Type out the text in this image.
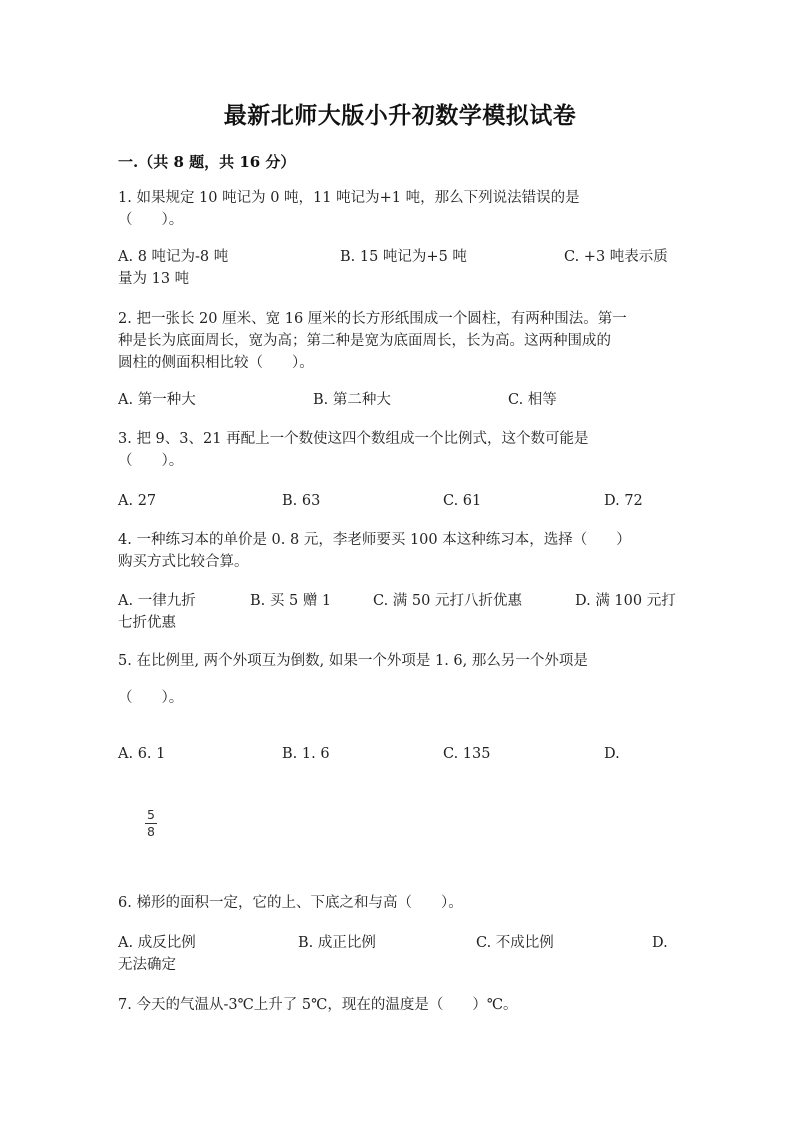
最新北师大版小升初数学模拟试卷
一.（共 8 题，共 16 分）
1. 如果规定 10 吨记为 0 吨，11 吨记为+1 吨，那么下列说法错误的是
（　　）。
A. 8 吨记为-8 吨	B. 15 吨记为+5 吨	C. +3 吨表示质
量为 13 吨
2. 把一张长 20 厘米、宽 16 厘米的长方形纸围成一个圆柱，有两种围法。第一
种是长为底面周长，宽为高；第二种是宽为底面周长，长为高。这两种围成的
圆柱的侧面积相比较（　　）。
A. 第一种大	B. 第二种大	C. 相等
3. 把 9、3、21 再配上一个数使这四个数组成一个比例式，这个数可能是
（　　）。
A. 27	B. 63	C. 61	D. 72
4. 一种练习本的单价是 0. 8 元，李老师要买 100 本这种练习本，选择（　　）
购买方式比较合算。
A. 一律九折	B. 买 5 赠 1	C. 满 50 元打八折优惠	D. 满 100 元打
七折优惠
5. 在比例里, 两个外项互为倒数, 如果一个外项是 1. 6, 那么另一个外项是
（　　）。
A. 6. 1	B. 1. 6	C. 135	D.
5
8
6. 梯形的面积一定，它的上、下底之和与高（　　）。
A. 成反比例	B. 成正比例	C. 不成比例	D.
无法确定
7. 今天的气温从-3℃上升了 5℃，现在的温度是（　　）℃。
